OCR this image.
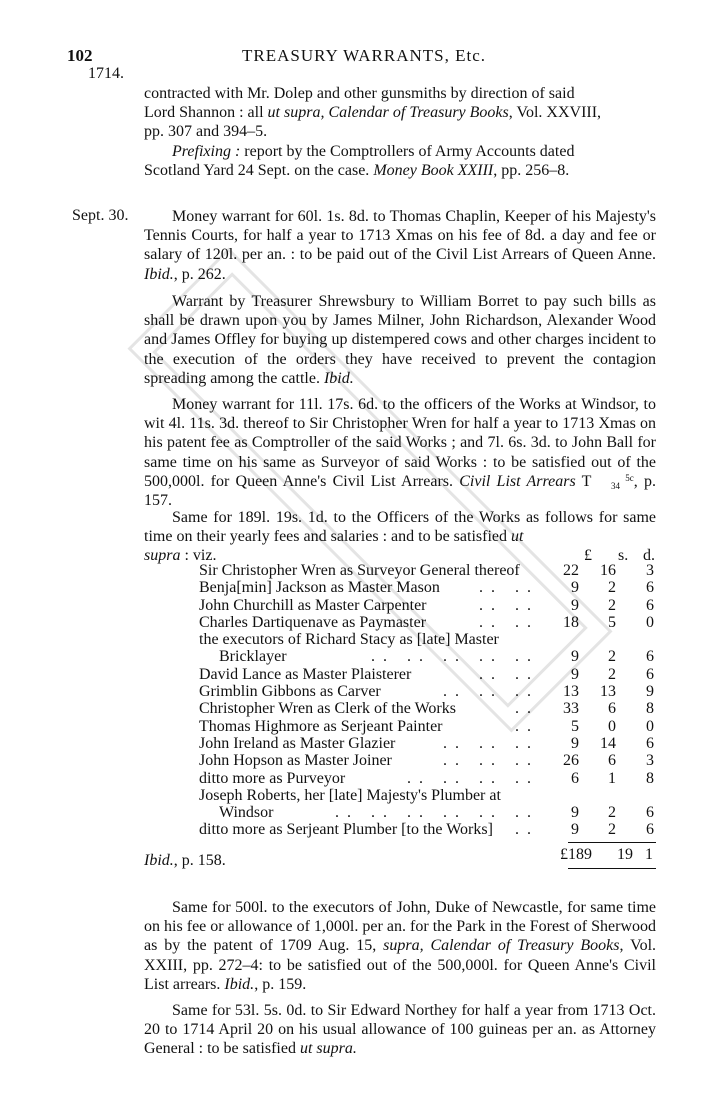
102	TREASURY WARRANTS, Etc.
1714.

contracted with Mr. Dolep and other gunsmiths by direction of said

Lord Shannon : all ut supra, Calendar of Treasury Books, Vol. XXVIII,

pp. 307 and 394–5.

Prefixing : report by the Comptrollers of Army Accounts dated

Scotland Yard 24 Sept. on the case. Money Book XXIII, pp. 256–8.

Sept. 30.	Money warrant for 60l. 1s. 8d. to Thomas Chaplin, Keeper of his Majesty's Tennis Courts, for half a year to 1713 Xmas on his fee of 8d. a day and fee or salary of 120l. per an. : to be paid out of the Civil List Arrears of Queen Anne. Ibid., p. 262.

Warrant by Treasurer Shrewsbury to William Borret to pay such bills as shall be drawn upon you by James Milner, John Richardson, Alexander Wood and James Offley for buying up distempered cows and other charges incident to the execution of the orders they have received to prevent the contagion spreading among the cattle. Ibid.

Money warrant for 11l. 17s. 6d. to the officers of the Works at Windsor, to wit 4l. 11s. 3d. thereof to Sir Christopher Wren for half a year to 1713 Xmas on his patent fee as Comptroller of the said Works ; and 7l. 6s. 3d. to John Ball for same time on his same as Surveyor of said Works : to be satisfied out of the 500,000l. for Queen Anne's Civil List Arrears. Civil List Arrears T	5c
34 , p. 157.

Same for 189l. 19s. 1d. to the Officers of the Works as follows for same time on their yearly fees and salaries : and to be satisfied ut

supra : viz.	£ s. d.

Sir Christopher Wren as Surveyor General thereof	22	16	3
Benja[min] Jackson as Master Mason .. ..	9	2	6
John Churchill as Master Carpenter	.. ..	9	2	6
Charles Dartiquenave as Paymaster	.. ..	18	5	0
the executors of Richard Stacy as [late] Master
Bricklayer	.. .. .. .. ..	9	2	6
David Lance as Master Plaisterer	.. ..	9	2	6
Grimblin Gibbons as Carver	.. .. ..	13	13	9
Christopher Wren as Clerk of the Works	..	33	6	8
Thomas Highmore as Serjeant Painter	..	5	0	0
John Ireland as Master Glazier	.. .. ..	9	14	6
John Hopson as Master Joiner	.. .. ..	26	6	3
ditto more as Purveyor	.. .. .. ..	6	1	8
Joseph Roberts, her [late] Majesty's Plumber at
Windsor	.. .. .. .. .. ..	9	2	6
ditto more as Serjeant Plumber [to the Works] ..	9	2	6
£189 19 1
Ibid., p. 158.

Same for 500l. to the executors of John, Duke of Newcastle, for same time on his fee or allowance of 1,000l. per an. for the Park in the Forest of Sherwood as by the patent of 1709 Aug. 15, supra, Calendar of Treasury Books, Vol. XXIII, pp. 272–4: to be satisfied out of the 500,000l. for Queen Anne's Civil List arrears. Ibid., p. 159.

Same for 53l. 5s. 0d. to Sir Edward Northey for half a year from 1713 Oct. 20 to 1714 April 20 on his usual allowance of 100 guineas per an. as Attorney General : to be satisfied ut supra.
